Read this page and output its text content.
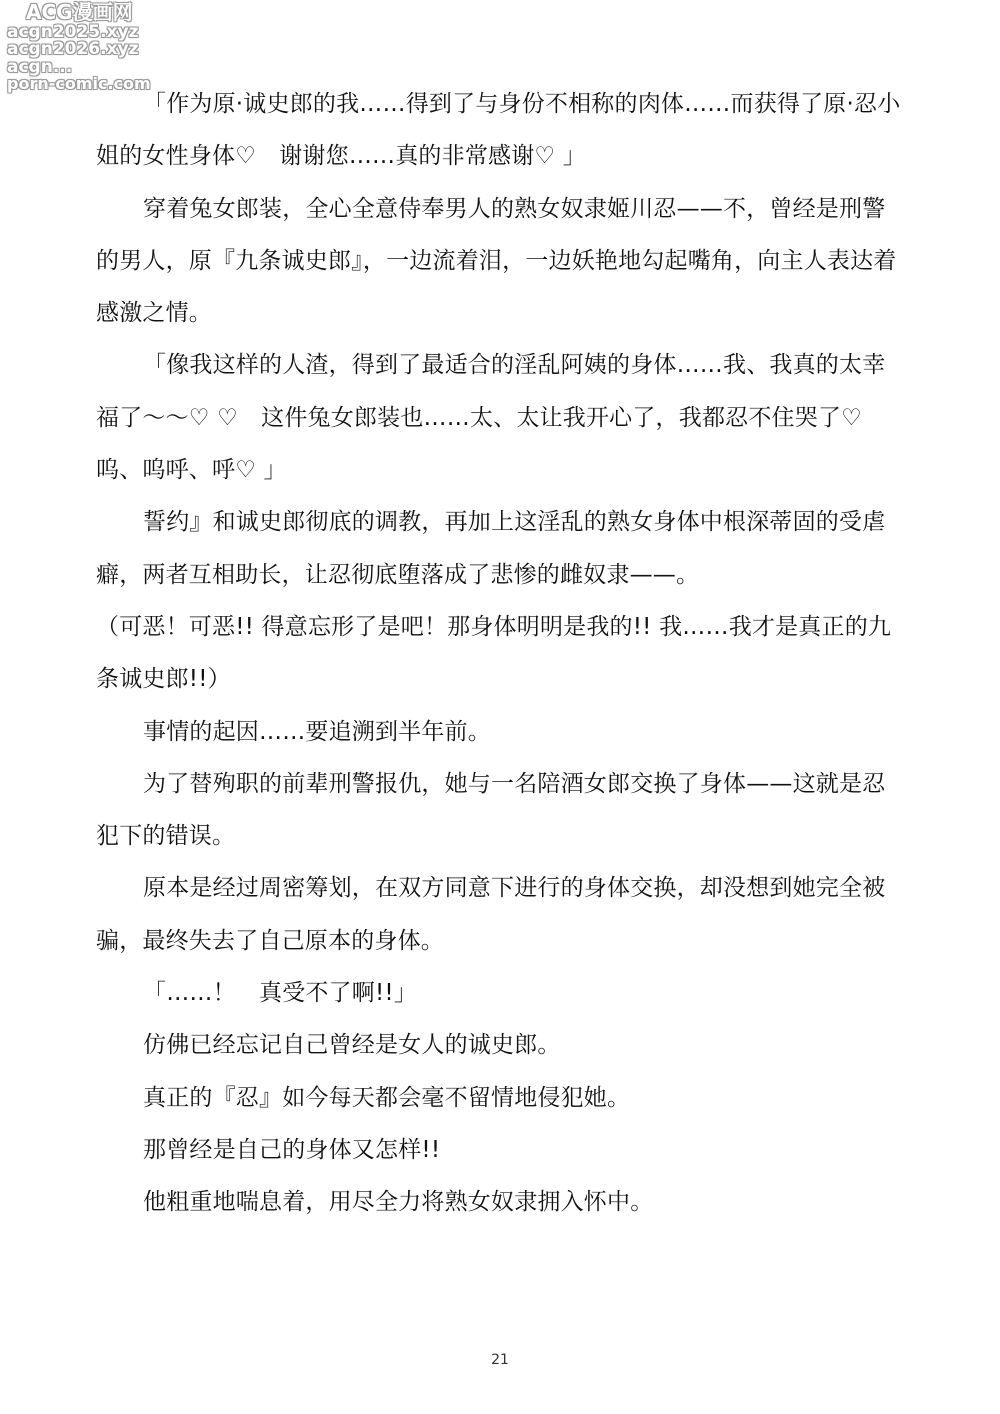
ACG漫画网
acgn2025.xyz
acgn2026.xyz
acgn...
porn-comic.com

「作为原·诚史郎的我……得到了与身份不相称的肉体……而获得了原·忍小姐的女性身体♡　谢谢您……真的非常感谢♡ 」

穿着兔女郎装，全心全意侍奉男人的熟女奴隶姬川忍——不，曾经是刑警的男人，原『九条诚史郎』，一边流着泪，一边妖艳地勾起嘴角，向主人表达着感激之情。

「像我这样的人渣，得到了最适合的淫乱阿姨的身体……我、我真的太幸福了～～♡ ♡　这件兔女郎装也……太、太让我开心了，我都忍不住哭了♡　呜、呜呼、呼♡ 」

誓约』和诚史郎彻底的调教，再加上这淫乱的熟女身体中根深蒂固的受虐癖，两者互相助长，让忍彻底堕落成了悲惨的雌奴隶——。

（可恶！可恶!! 得意忘形了是吧！那身体明明是我的!! 我……我才是真正的九条诚史郎!!）

事情的起因……要追溯到半年前。

为了替殉职的前辈刑警报仇，她与一名陪酒女郎交换了身体——这就是忍犯下的错误。

原本是经过周密筹划，在双方同意下进行的身体交换，却没想到她完全被骗，最终失去了自己原本的身体。

「……！　真受不了啊!!」

仿佛已经忘记自己曾经是女人的诚史郎。

真正的『忍』如今每天都会毫不留情地侵犯她。

那曾经是自己的身体又怎样!!

他粗重地喘息着，用尽全力将熟女奴隶拥入怀中。

21
